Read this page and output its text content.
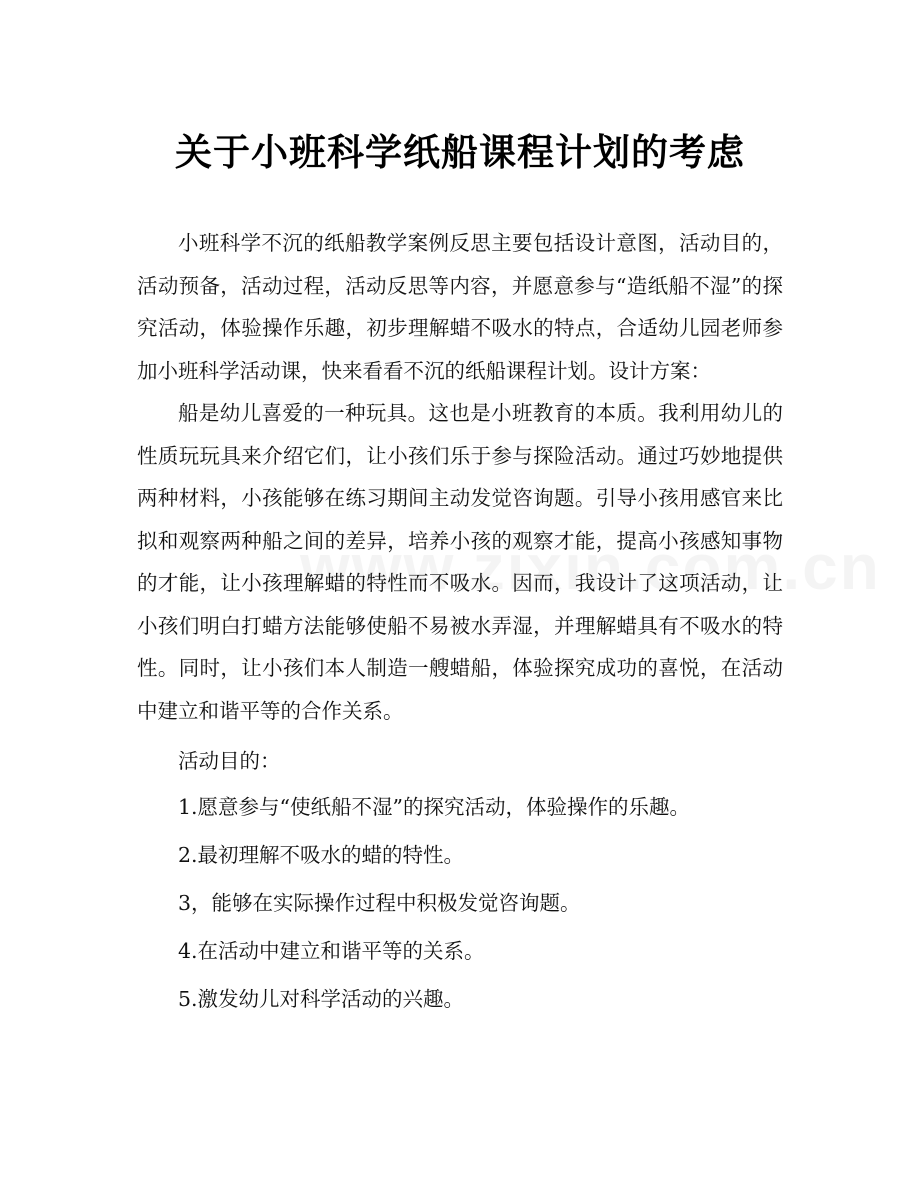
关于小班科学纸船课程计划的考虑

小班科学不沉的纸船教学案例反思主要包括设计意图，活动目的，活动预备，活动过程，活动反思等内容，并愿意参与“造纸船不湿”的探究活动，体验操作乐趣，初步理解蜡不吸水的特点，合适幼儿园老师参加小班科学活动课，快来看看不沉的纸船课程计划。设计方案：

船是幼儿喜爱的一种玩具。这也是小班教育的本质。我利用幼儿的性质玩玩具来介绍它们，让小孩们乐于参与探险活动。通过巧妙地提供两种材料，小孩能够在练习期间主动发觉咨询题。引导小孩用感官来比拟和观察两种船之间的差异，培养小孩的观察才能，提高小孩感知事物的才能，让小孩理解蜡的特性而不吸水。因而，我设计了这项活动，让小孩们明白打蜡方法能够使船不易被水弄湿，并理解蜡具有不吸水的特性。同时，让小孩们本人制造一艘蜡船，体验探究成功的喜悦，在活动中建立和谐平等的合作关系。

活动目的：

1.愿意参与“使纸船不湿”的探究活动，体验操作的乐趣。
2.最初理解不吸水的蜡的特性。
3，能够在实际操作过程中积极发觉咨询题。
4.在活动中建立和谐平等的关系。
5.激发幼儿对科学活动的兴趣。
